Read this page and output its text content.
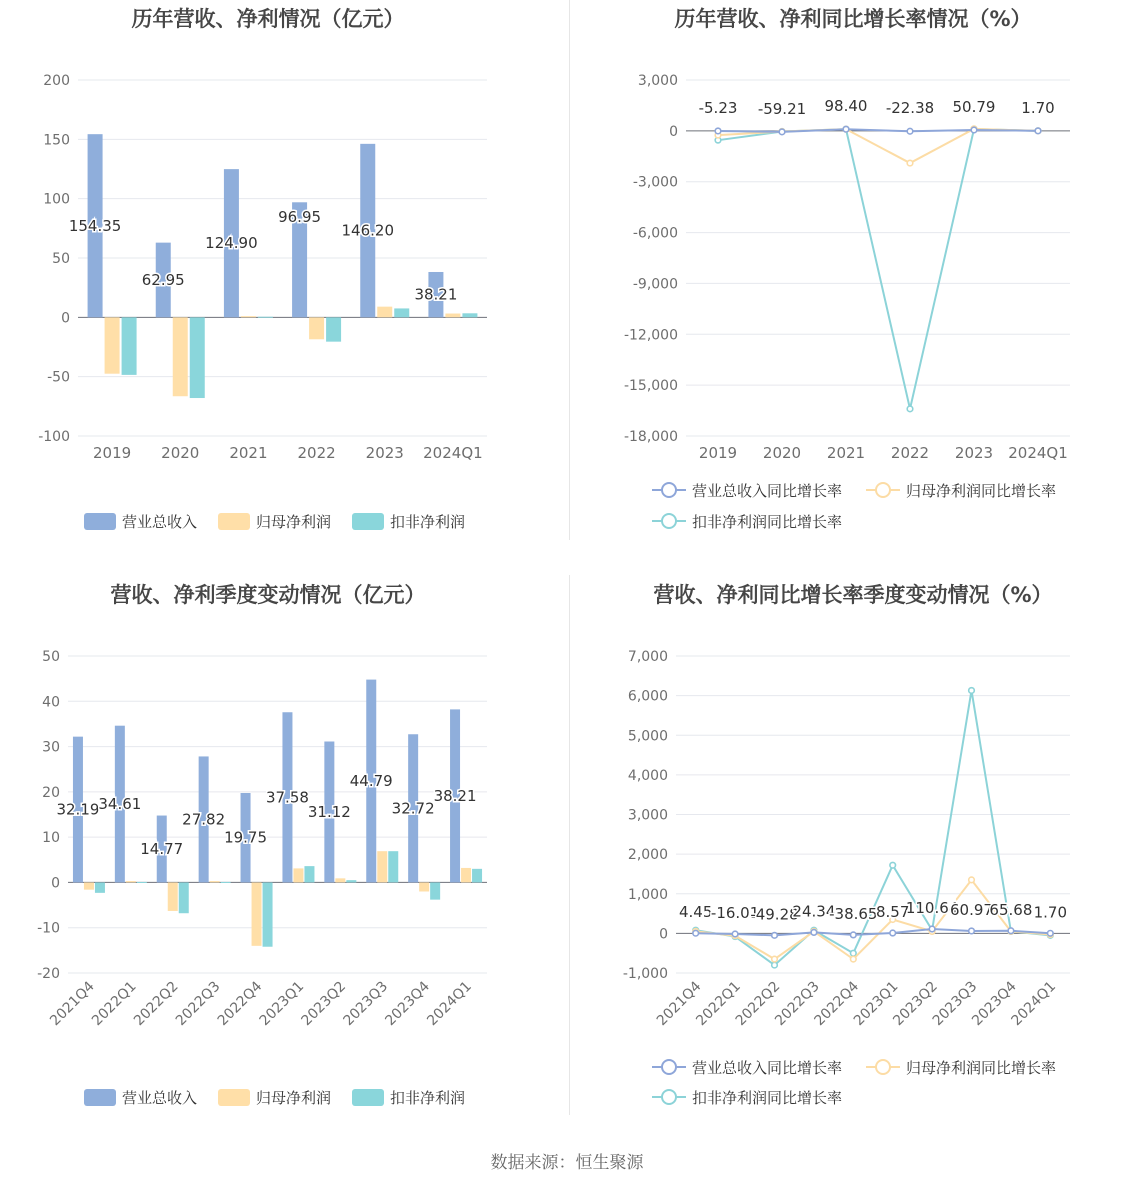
历年营收、净利情况（亿元）
200
150
100
50
0
-50
-100
2019 2020 2021 2022 2023 2024Q1
154.35
62.95
124.90
96.95
146.20
38.21
营业总收入	归母净利润	扣非净利润
历年营收、净利同比增长率情况（%）
3,000
0
-3,000
-6,000
-9,000
-12,000
-15,000
-18,000
2019 2020 2021 2022 2023 2024Q1
-5.23 -59.21 98.40 -22.38 50.79 1.70
营业总收入同比增长率	归母净利润同比增长率
扣非净利润同比增长率
营收、净利季度变动情况（亿元）
50
40
30
20
10
0
-10
-20
2021Q4
2022Q1
2022Q2
2022Q3
2022Q4
2023Q1
2023Q2
2023Q3
2023Q4
2024Q1
32.19
34.61
14.77
27.82
19.75
37.58
31.12
44.79
32.72
38.21
营业总收入	归母净利润	扣非净利润
营收、净利同比增长率季度变动情况（%）
7,000
6,000
5,000
4,000
3,000
2,000
1,000
0
-1,000
2021Q4
2022Q1
2022Q2
2022Q3
2022Q4
2023Q1
2023Q2
2023Q3
2023Q4
2024Q1
4.45
-16.01
-49.28
24.34
-38.65
8.57
110.64
60.97
65.68 1.70
营业总收入同比增长率	归母净利润同比增长率
扣非净利润同比增长率
数据来源：恒生聚源
